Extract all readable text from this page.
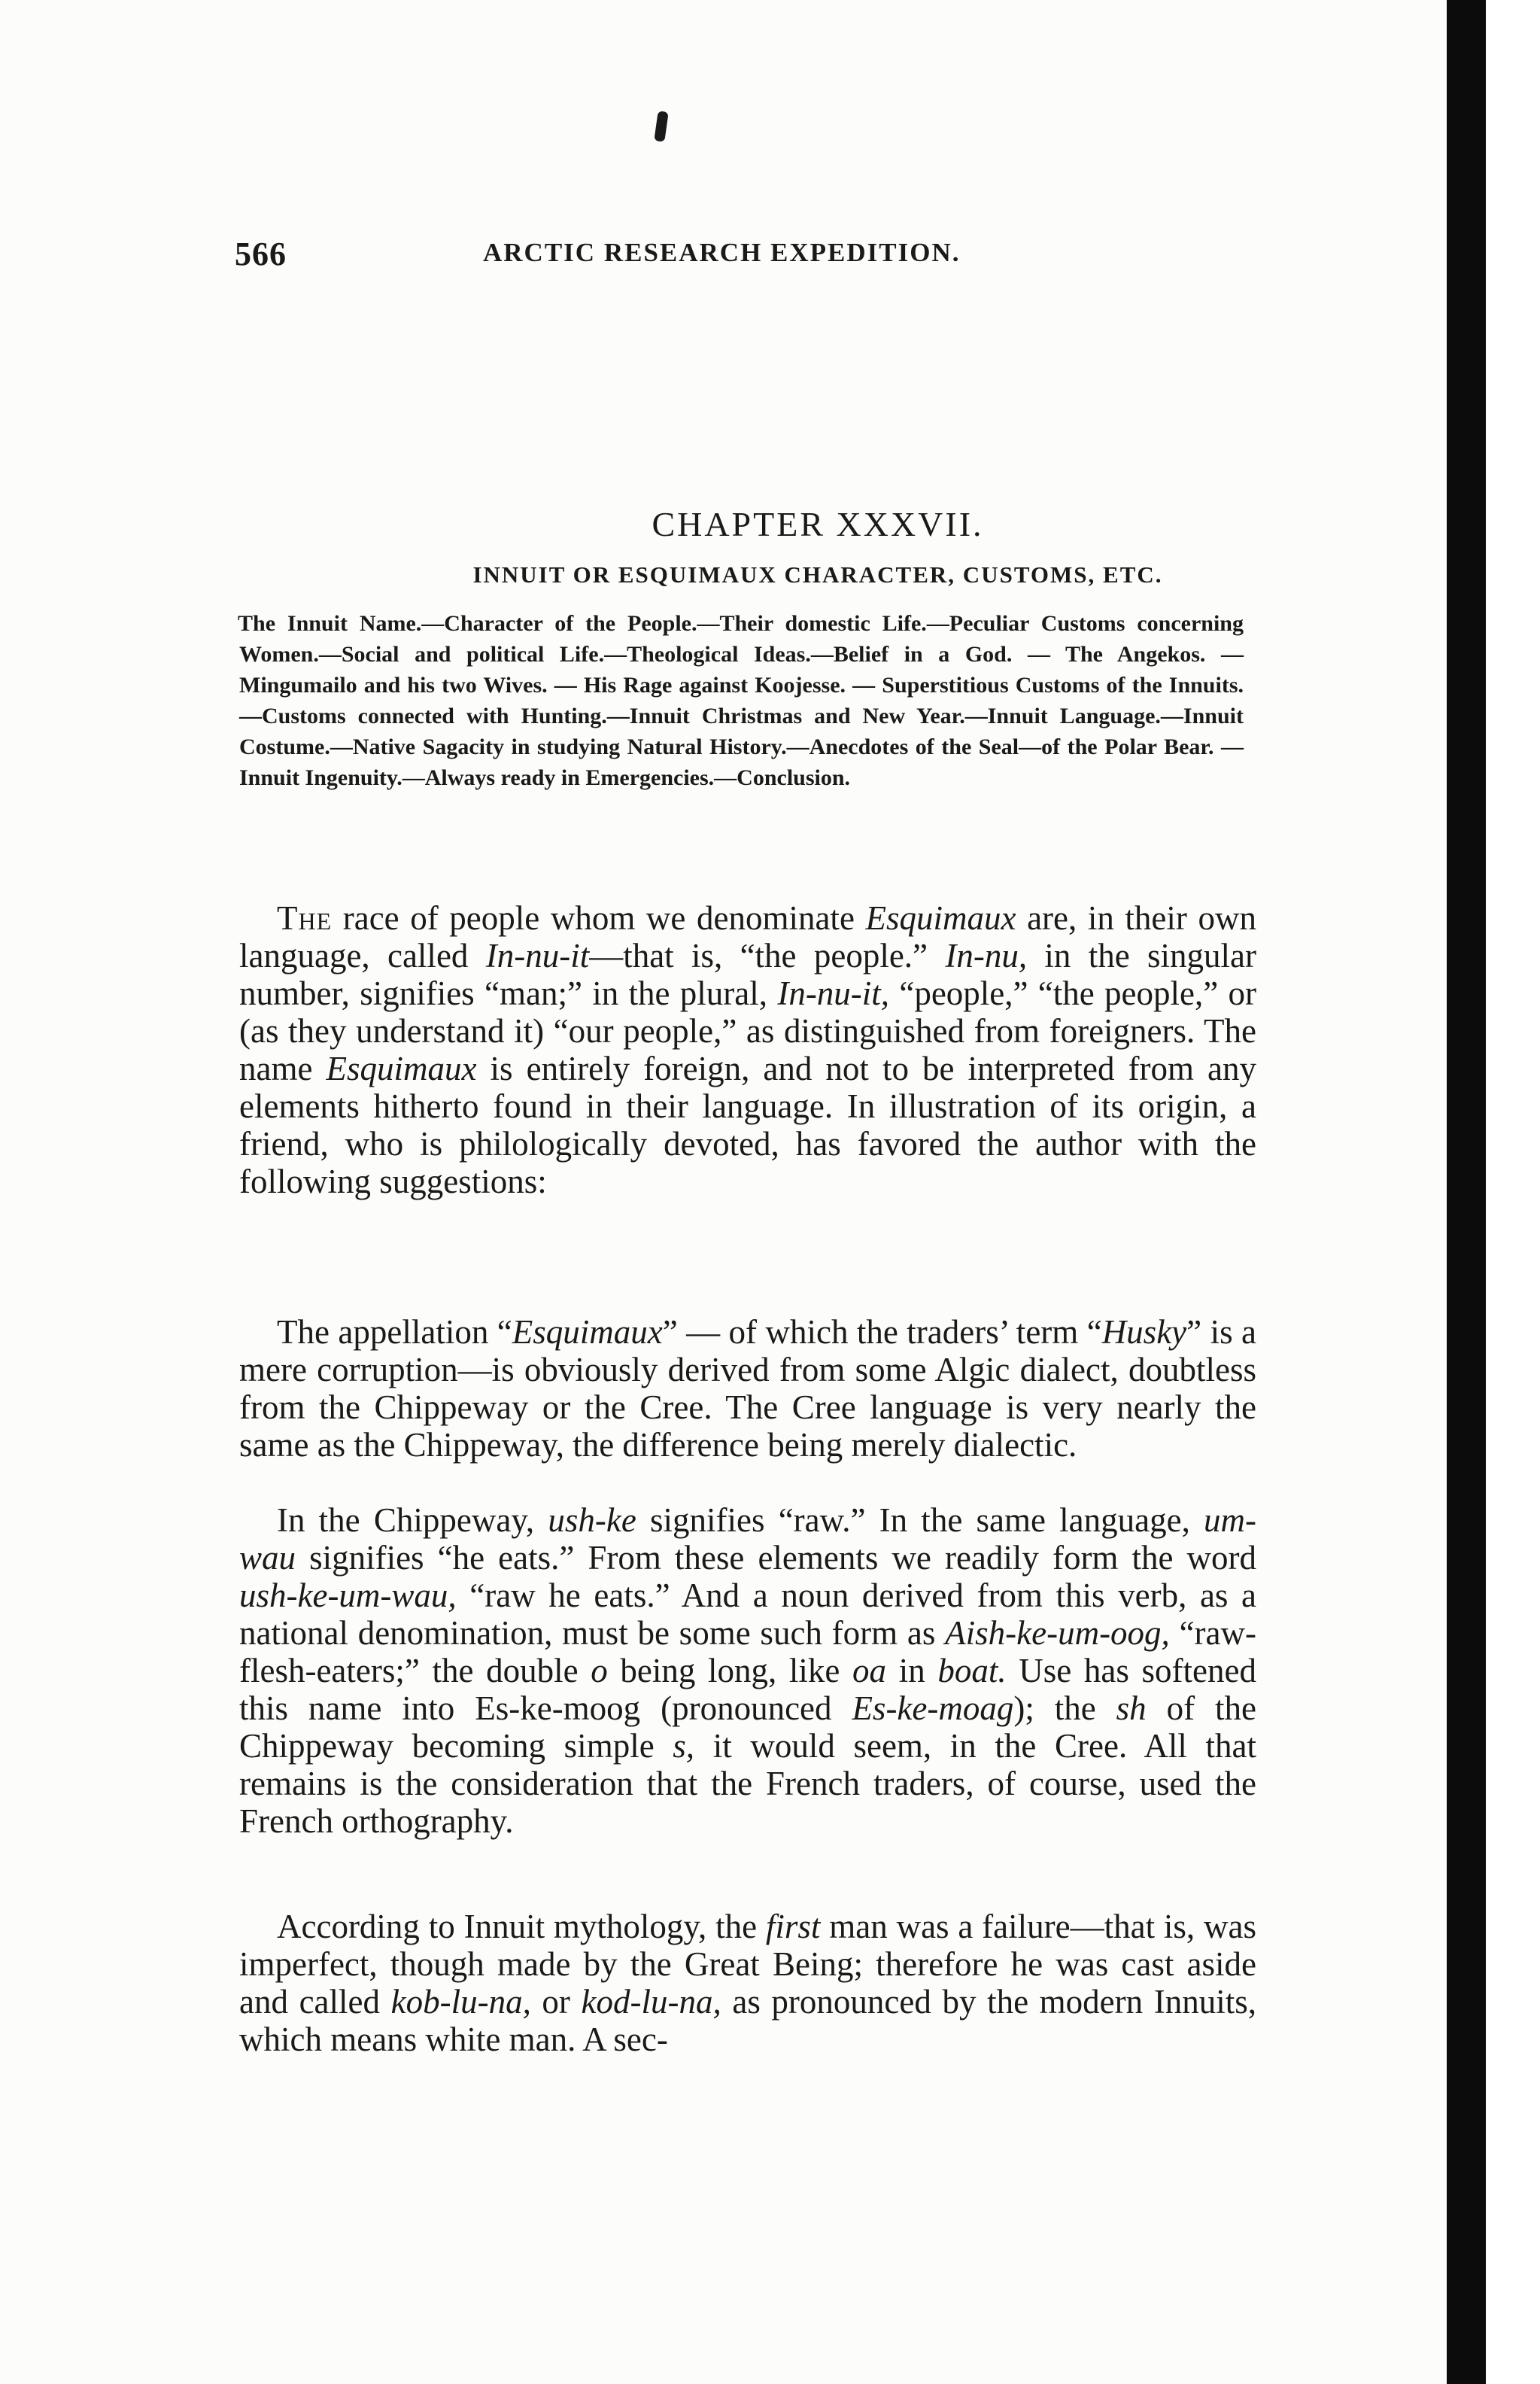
566	ARCTIC RESEARCH EXPEDITION.
CHAPTER XXXVII.
INNUIT OR ESQUIMAUX CHARACTER, CUSTOMS, ETC.
The Innuit Name.—Character of the People.—Their domestic Life.—Peculiar Customs concerning Women.—Social and political Life.—Theological Ideas.—Belief in a God. — The Angekos. — Mingumailo and his two Wives. — His Rage against Koojesse. — Superstitious Customs of the Innuits.—Customs connected with Hunting.—Innuit Christmas and New Year.—Innuit Language.—Innuit Costume.—Native Sagacity in studying Natural History.—Anecdotes of the Seal—of the Polar Bear. — Innuit Ingenuity.—Always ready in Emergencies.—Conclusion.

The race of people whom we denominate Esquimaux are, in their own language, called In-nu-it—that is, “the people.” In-nu, in the singular number, signifies “man;” in the plural, In-nu-it, “people,” “the people,” or (as they understand it) “our people,” as distinguished from foreigners. The name Esquimaux is entirely foreign, and not to be interpreted from any elements hitherto found in their language. In illustration of its origin, a friend, who is philologically devoted, has favored the author with the following suggestions:

The appellation “Esquimaux” — of which the traders’ term “Husky” is a mere corruption—is obviously derived from some Algic dialect, doubtless from the Chippeway or the Cree. The Cree language is very nearly the same as the Chippeway, the difference being merely dialectic.

In the Chippeway, ush-ke signifies “raw.” In the same language, um-wau signifies “he eats.” From these elements we readily form the word ush-ke-um-wau, “raw he eats.” And a noun derived from this verb, as a national denomination, must be some such form as Aish-ke-um-oog, “raw-flesh-eaters;” the double o being long, like oa in boat. Use has softened this name into Es-ke-moog (pronounced Es-ke-moag); the sh of the Chippeway becoming simple s, it would seem, in the Cree. All that remains is the consideration that the French traders, of course, used the French orthography.

According to Innuit mythology, the first man was a failure—that is, was imperfect, though made by the Great Being; therefore he was cast aside and called kob-lu-na, or kod-lu-na, as pronounced by the modern Innuits, which means white man. A sec-
